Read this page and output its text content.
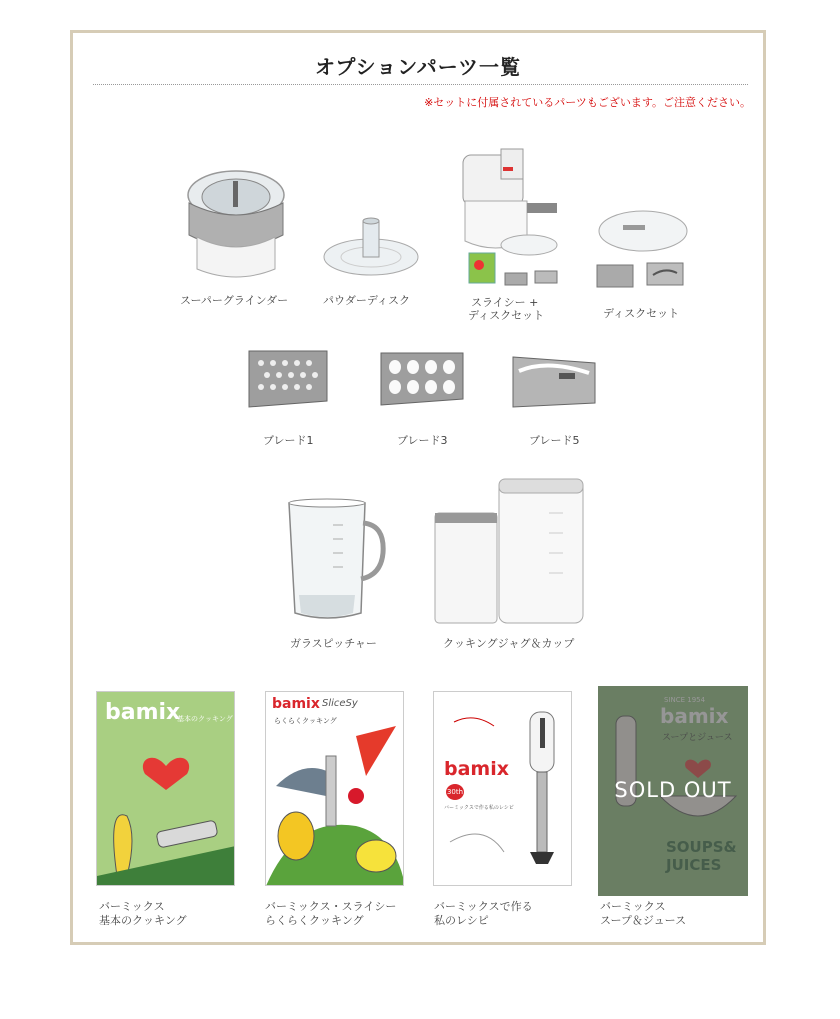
オプションパーツ一覧
※セットに付属されているパーツもございます。ご注意ください。
スーパーグラインダー	パウダーディスク	スライシー +
ディスクセット	ディスクセット
ブレード1	ブレード3	ブレード5
ガラスピッチャー	クッキングジャグ＆カップ
bamix
基本のクッキング
bamix SliceSy
らくらくクッキング
bamix
30th
バーミックスで作る私のレシピ
SOLD OUT
バーミックス
基本のクッキング
バーミックス・スライシー
らくらくクッキング
バーミックスで作る
私のレシピ
バーミックス
スープ＆ジュース
